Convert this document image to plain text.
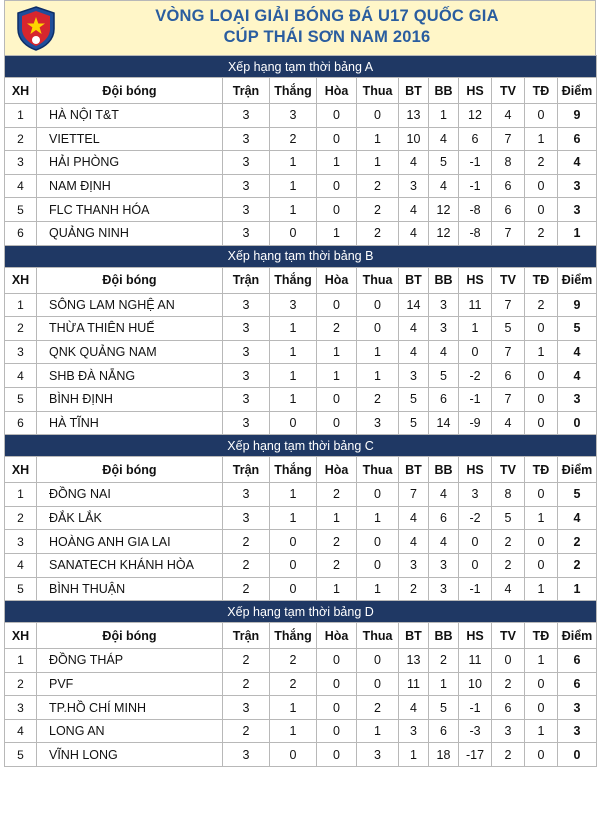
VÒNG LOẠI GIẢI BÓNG ĐÁ U17 QUỐC GIA
CÚP THÁI SƠN NAM 2016
Xếp hạng tạm thời bảng A											
XH	Đội bóng	Trận	Thắng	Hòa	Thua	BT	BB	HS	TV	TĐ	Điểm
1	HÀ NỘI T&T	3	3	0	0	13	1	12	4	0	9
2	VIETTEL	3	2	0	1	10	4	6	7	1	6
3	HẢI PHÒNG	3	1	1	1	4	5	-1	8	2	4
4	NAM ĐỊNH	3	1	0	2	3	4	-1	6	0	3
5	FLC THANH HÓA	3	1	0	2	4	12	-8	6	0	3
6	QUẢNG NINH	3	0	1	2	4	12	-8	7	2	1
Xếp hạng tạm thời bảng B											
XH	Đội bóng	Trận	Thắng	Hòa	Thua	BT	BB	HS	TV	TĐ	Điểm
1	SÔNG LAM NGHỆ AN	3	3	0	0	14	3	11	7	2	9
2	THỪA THIÊN HUẾ	3	1	2	0	4	3	1	5	0	5
3	QNK QUẢNG NAM	3	1	1	1	4	4	0	7	1	4
4	SHB ĐÀ NẴNG	3	1	1	1	3	5	-2	6	0	4
5	BÌNH ĐỊNH	3	1	0	2	5	6	-1	7	0	3
6	HÀ TĨNH	3	0	0	3	5	14	-9	4	0	0
Xếp hạng tạm thời bảng C											
XH	Đội bóng	Trận	Thắng	Hòa	Thua	BT	BB	HS	TV	TĐ	Điểm
1	ĐỒNG NAI	3	1	2	0	7	4	3	8	0	5
2	ĐẮK LẮK	3	1	1	1	4	6	-2	5	1	4
3	HOÀNG ANH GIA LAI	2	0	2	0	4	4	0	2	0	2
4	SANATECH KHÁNH HÒA	2	0	2	0	3	3	0	2	0	2
5	BÌNH THUẬN	2	0	1	1	2	3	-1	4	1	1
Xếp hạng tạm thời bảng D											
XH	Đội bóng	Trận	Thắng	Hòa	Thua	BT	BB	HS	TV	TĐ	Điểm
1	ĐỒNG THÁP	2	2	0	0	13	2	11	0	1	6
2	PVF	2	2	0	0	11	1	10	2	0	6
3	TP.HỒ CHÍ MINH	3	1	0	2	4	5	-1	6	0	3
4	LONG AN	2	1	0	1	3	6	-3	3	1	3
5	VĨNH LONG	3	0	0	3	1	18	-17	2	0	0
